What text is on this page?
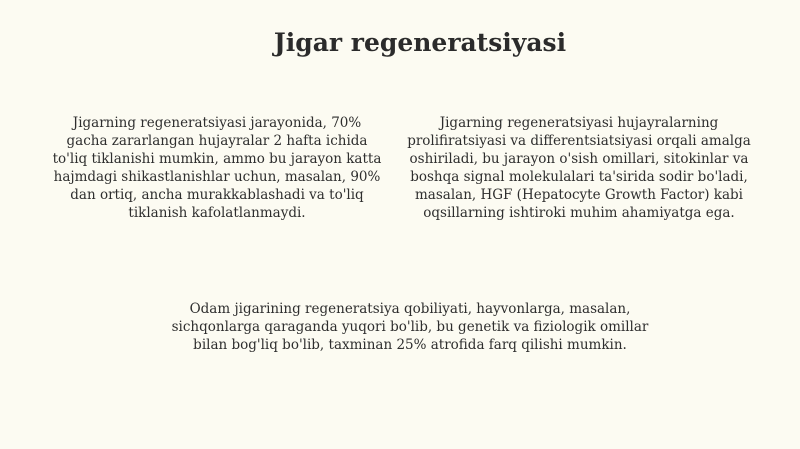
Jigar regeneratsiyasi

Jigarning regeneratsiyasi jarayonida, 70% gacha zararlangan hujayralar 2 hafta ichida to'liq tiklanishi mumkin, ammo bu jarayon katta hajmdagi shikastlanishlar uchun, masalan, 90% dan ortiq, ancha murakkablashadi va to'liq tiklanish kafolatlanmaydi.

Jigarning regeneratsiyasi hujayralarning prolifiratsiyasi va differentsiatsiyasi orqali amalga oshiriladi, bu jarayon o'sish omillari, sitokinlar va boshqa signal molekulalari ta'sirida sodir bo'ladi, masalan, HGF (Hepatocyte Growth Factor) kabi oqsillarning ishtiroki muhim ahamiyatga ega.

Odam jigarining regeneratsiya qobiliyati, hayvonlarga, masalan, sichqonlarga qaraganda yuqori bo'lib, bu genetik va fiziologik omillar bilan bog'liq bo'lib, taxminan 25% atrofida farq qilishi mumkin.
